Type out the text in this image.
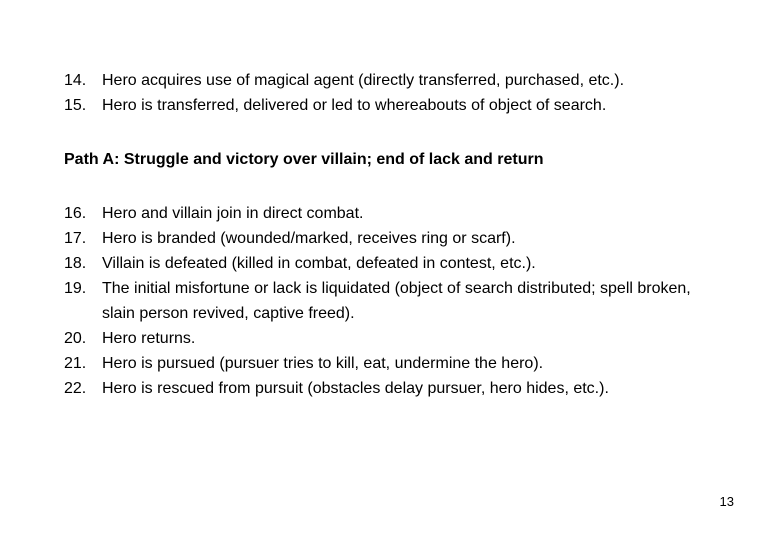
14. Hero acquires use of magical agent (directly transferred, purchased, etc.).
15. Hero is transferred, delivered or led to whereabouts of object of search.
Path A: Struggle and victory over villain; end of lack and return
16. Hero and villain join in direct combat.
17. Hero is branded (wounded/marked, receives ring or scarf).
18. Villain is defeated (killed in combat, defeated in contest, etc.).
19. The initial misfortune or lack is liquidated (object of search distributed; spell broken, slain person revived, captive freed).
20. Hero returns.
21. Hero is pursued (pursuer tries to kill, eat, undermine the hero).
22. Hero is rescued from pursuit (obstacles delay pursuer, hero hides, etc.).
13
